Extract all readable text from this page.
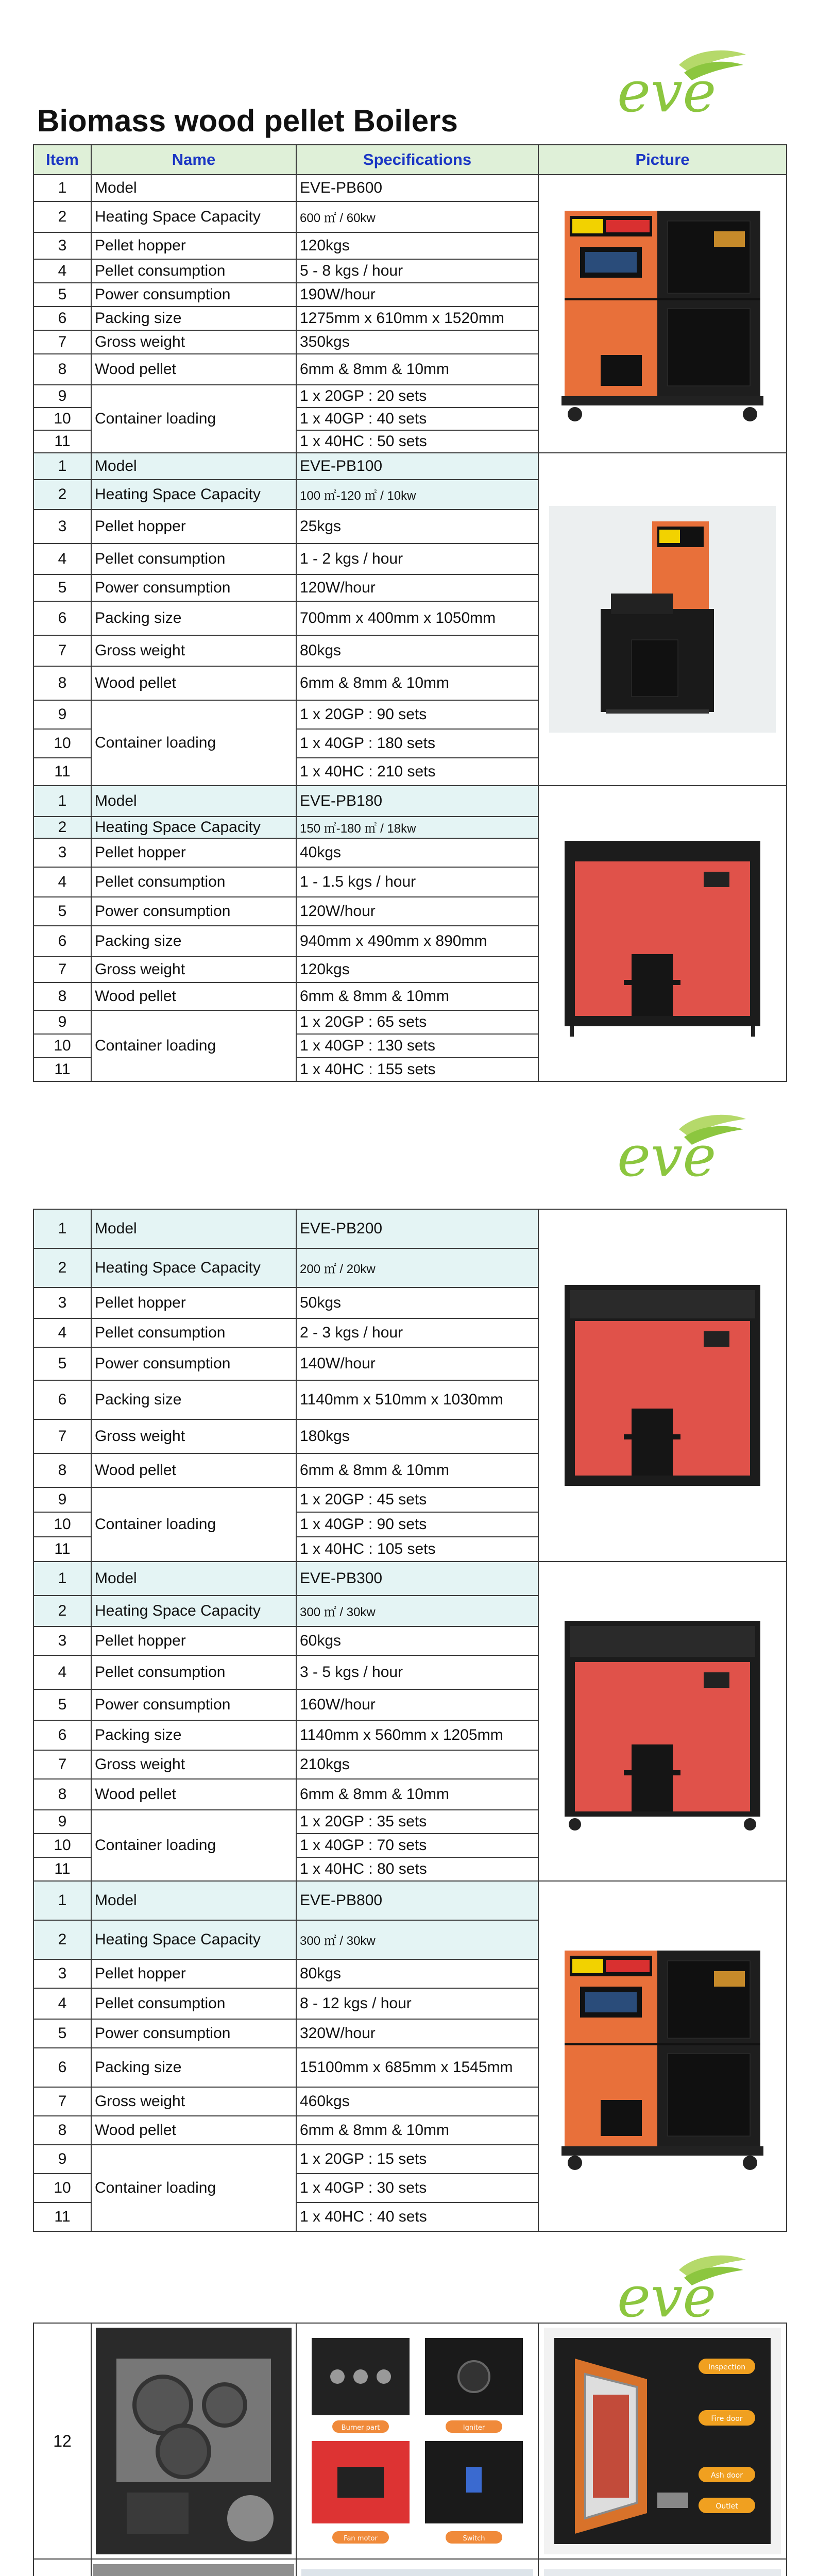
eve
eve
eve
Biomass wood pellet Boilers
Item	Name	Specifications	Picture
1	Model	EVE-PB600	

2	Heating Space Capacity	600 ㎡ / 60kw	
3	Pellet hopper	120kgs	
4	Pellet consumption	5 - 8 kgs / hour	
5	Power consumption	190W/hour	
6	Packing size	1275mm x 610mm x 1520mm	
7	Gross weight	350kgs	
8	Wood pellet	6mm & 8mm & 10mm	
9	Container loading	1 x 20GP : 20 sets	
10		1 x 40GP : 40 sets	
11		1 x 40HC : 50 sets	
1	Model	EVE-PB100	

2	Heating Space Capacity	100 ㎡-120 ㎡ / 10kw	
3	Pellet hopper	25kgs	
4	Pellet consumption	1 - 2 kgs / hour	
5	Power consumption	120W/hour	
6	Packing size	700mm x 400mm x 1050mm	
7	Gross weight	80kgs	
8	Wood pellet	6mm & 8mm & 10mm	
9	Container loading	1 x 20GP : 90 sets	
10		1 x 40GP : 180 sets	
11		1 x 40HC : 210 sets	
1	Model	EVE-PB180	

2	Heating Space Capacity	150 ㎡-180 ㎡ / 18kw	
3	Pellet hopper	40kgs	
4	Pellet consumption	1 - 1.5 kgs / hour	
5	Power consumption	120W/hour	
6	Packing size	940mm x 490mm x 890mm	
7	Gross weight	120kgs	
8	Wood pellet	6mm & 8mm & 10mm	
9	Container loading	1 x 20GP : 65 sets	
10		1 x 40GP : 130 sets	
11		1 x 40HC : 155 sets	
1	Model	EVE-PB200	

2	Heating Space Capacity	200 ㎡ / 20kw	
3	Pellet hopper	50kgs	
4	Pellet consumption	2 - 3 kgs / hour	
5	Power consumption	140W/hour	
6	Packing size	1140mm x 510mm x 1030mm	
7	Gross weight	180kgs	
8	Wood pellet	6mm & 8mm & 10mm	
9	Container loading	1 x 20GP : 45 sets	
10		1 x 40GP : 90 sets	
11		1 x 40HC : 105 sets	
1	Model	EVE-PB300	

2	Heating Space Capacity	300 ㎡ / 30kw	
3	Pellet hopper	60kgs	
4	Pellet consumption	3 - 5 kgs / hour	
5	Power consumption	160W/hour	
6	Packing size	1140mm x 560mm x 1205mm	
7	Gross weight	210kgs	
8	Wood pellet	6mm & 8mm & 10mm	
9	Container loading	1 x 20GP : 35 sets	
10		1 x 40GP : 70 sets	
11		1 x 40HC : 80 sets	
1	Model	EVE-PB800	

2	Heating Space Capacity	300 ㎡ / 30kw	
3	Pellet hopper	80kgs	
4	Pellet consumption	8 - 12 kgs / hour	
5	Power consumption	320W/hour	
6	Packing size	15100mm x 685mm x 1545mm	
7	Gross weight	460kgs	
8	Wood pellet	6mm & 8mm & 10mm	
9	Container loading	1 x 20GP : 15 sets	
10		1 x 40GP : 30 sets	
11		1 x 40HC : 40 sets	
12		Burner part Igniter
Fan motor Switch	Inspection
Fire door
Ash door
Outlet
